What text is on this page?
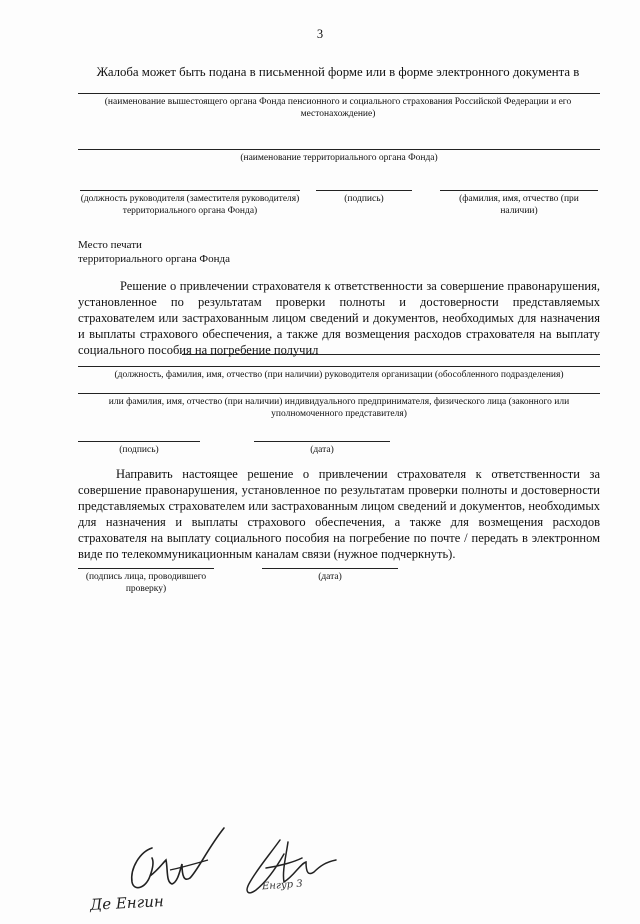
3
Жалоба может быть подана в письменной форме или в форме электронного документа в
(наименование вышестоящего органа Фонда пенсионного и социального страхования Российской Федерации и его местонахождение)
(наименование территориального органа Фонда)
(должность руководителя (заместителя руководителя) территориального органа Фонда)
(подпись)	(фамилия, имя, отчество (при наличии)
Место печати
территориального органа Фонда
Решение о привлечении страхователя к ответственности за совершение правонарушения, установленное по результатам проверки полноты и достоверности представляемых страхователем или застрахованным лицом сведений и документов, необходимых для назначения и выплаты страхового обеспечения, а также для возмещения расходов страхователя на выплату социального пособия на погребение получил
(должность, фамилия, имя, отчество (при наличии) руководителя организации (обособленного подразделения)
или фамилия, имя, отчество (при наличии) индивидуального предпринимателя, физического лица (законного или уполномоченного представителя)
(подпись)	(дата)
Направить настоящее решение о привлечении страхователя к ответственности за совершение правонарушения, установленное по результатам проверки полноты и достоверности представляемых страхователем или застрахованным лицом сведений и документов, необходимых для назначения и выплаты страхового обеспечения, а также для возмещения расходов страхователя на выплату социального пособия на погребение по почте / передать в электронном виде по телекоммуникационным каналам связи (нужное подчеркнуть).
(подпись лица, проводившего проверку)
(дата)
Енгур 3
Де Енгин
